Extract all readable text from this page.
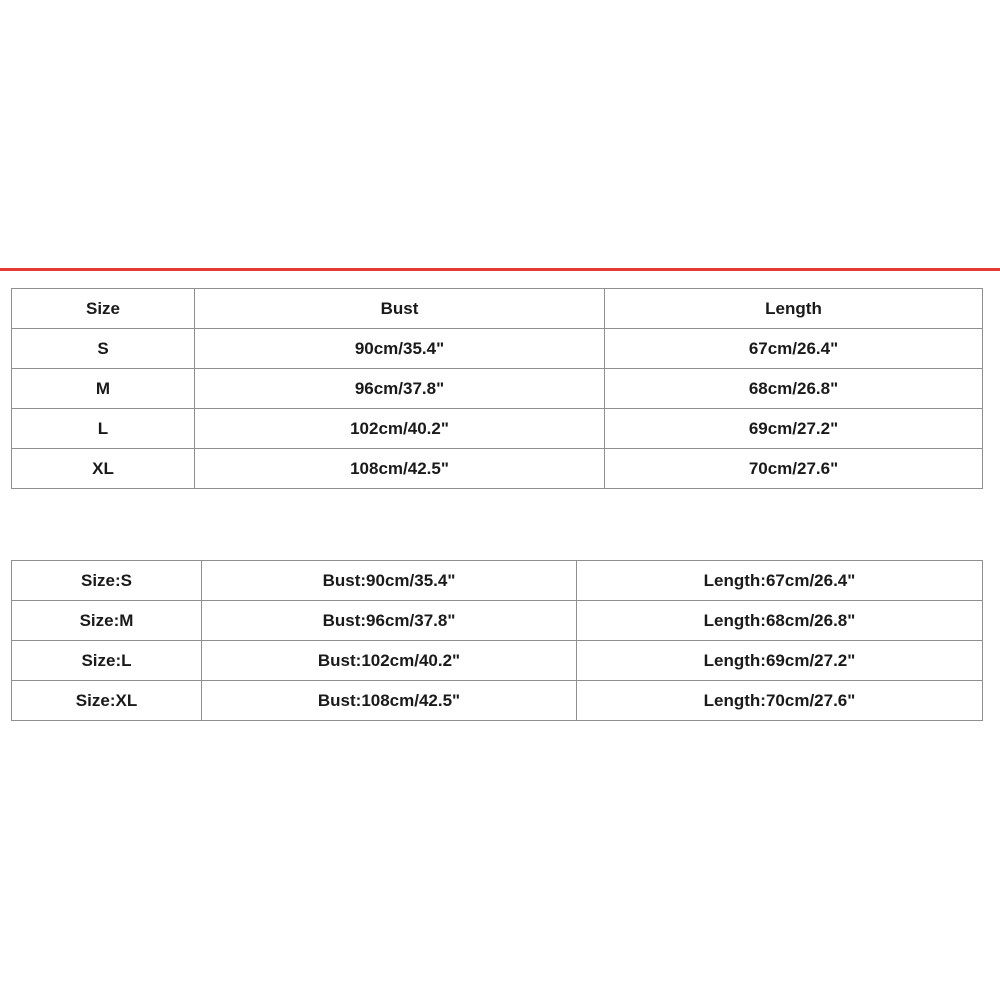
Size	Bust	Length
S	90cm/35.4"	67cm/26.4"
M	96cm/37.8"	68cm/26.8"
L	102cm/40.2"	69cm/27.2"
XL	108cm/42.5"	70cm/27.6"
Size:S	Bust:90cm/35.4"	Length:67cm/26.4"
Size:M	Bust:96cm/37.8"	Length:68cm/26.8"
Size:L	Bust:102cm/40.2"	Length:69cm/27.2"
Size:XL	Bust:108cm/42.5"	Length:70cm/27.6"
